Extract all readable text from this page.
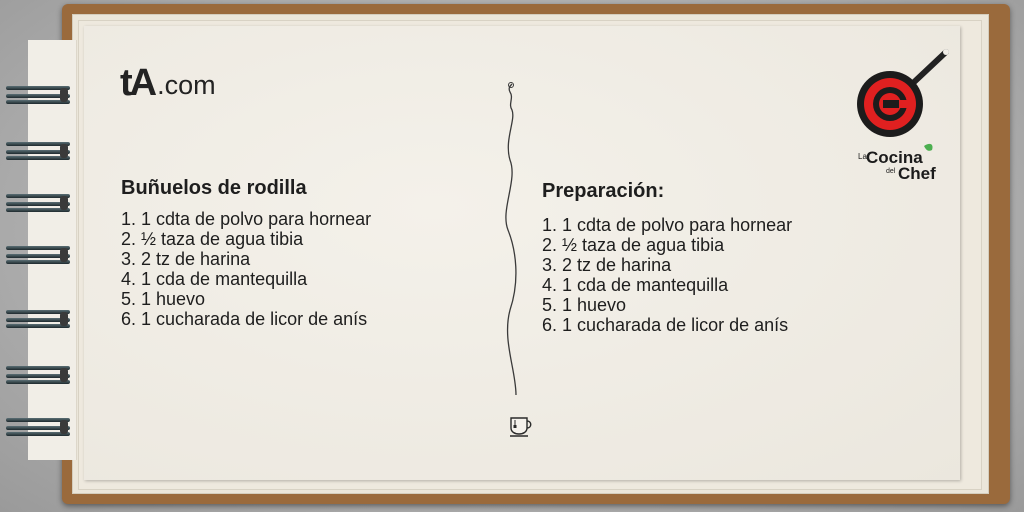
tA .com
Buñuelos de rodilla
1. 1 cdta de polvo para hornear
2. ½ taza de agua tibia
3. 2 tz de harina
4. 1 cda de mantequilla
5. 1 huevo
6. 1 cucharada de licor de anís
Preparación:
1. 1 cdta de polvo para hornear
2. ½ taza de agua tibia
3. 2 tz de harina
4. 1 cda de mantequilla
5. 1 huevo
6. 1 cucharada de licor de anís
La Cocina
del Chef
